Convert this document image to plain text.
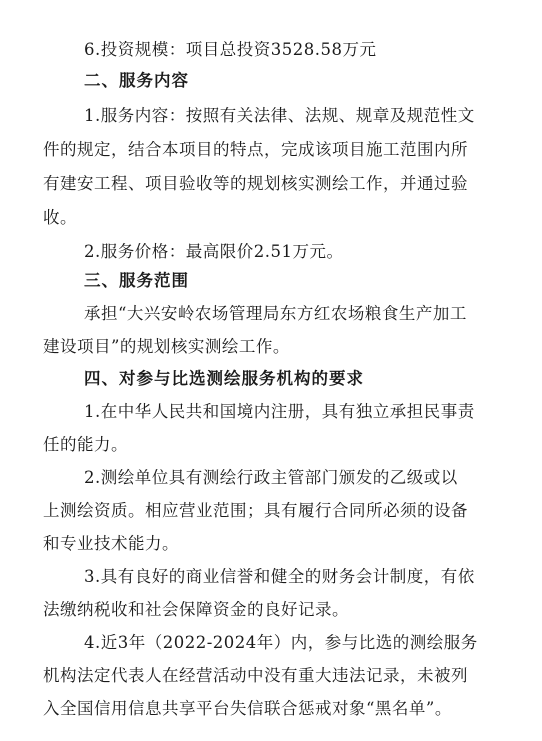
6.投资规模：项目总投资3528.58万元
二、服务内容
1.服务内容：按照有关法律、法规、规章及规范性文
件的规定，结合本项目的特点，完成该项目施工范围内所
有建安工程、项目验收等的规划核实测绘工作，并通过验
收。
2.服务价格：最高限价2.51万元。
三、服务范围
承担“大兴安岭农场管理局东方红农场粮食生产加工
建设项目”的规划核实测绘工作。
四、对参与比选测绘服务机构的要求
1.在中华人民共和国境内注册，具有独立承担民事责
任的能力。
2.测绘单位具有测绘行政主管部门颁发的乙级或以
上测绘资质。相应营业范围；具有履行合同所必须的设备
和专业技术能力。
3.具有良好的商业信誉和健全的财务会计制度，有依
法缴纳税收和社会保障资金的良好记录。
4.近3年（2022-2024年）内，参与比选的测绘服务
机构法定代表人在经营活动中没有重大违法记录，未被列
入全国信用信息共享平台失信联合惩戒对象“黑名单”。
